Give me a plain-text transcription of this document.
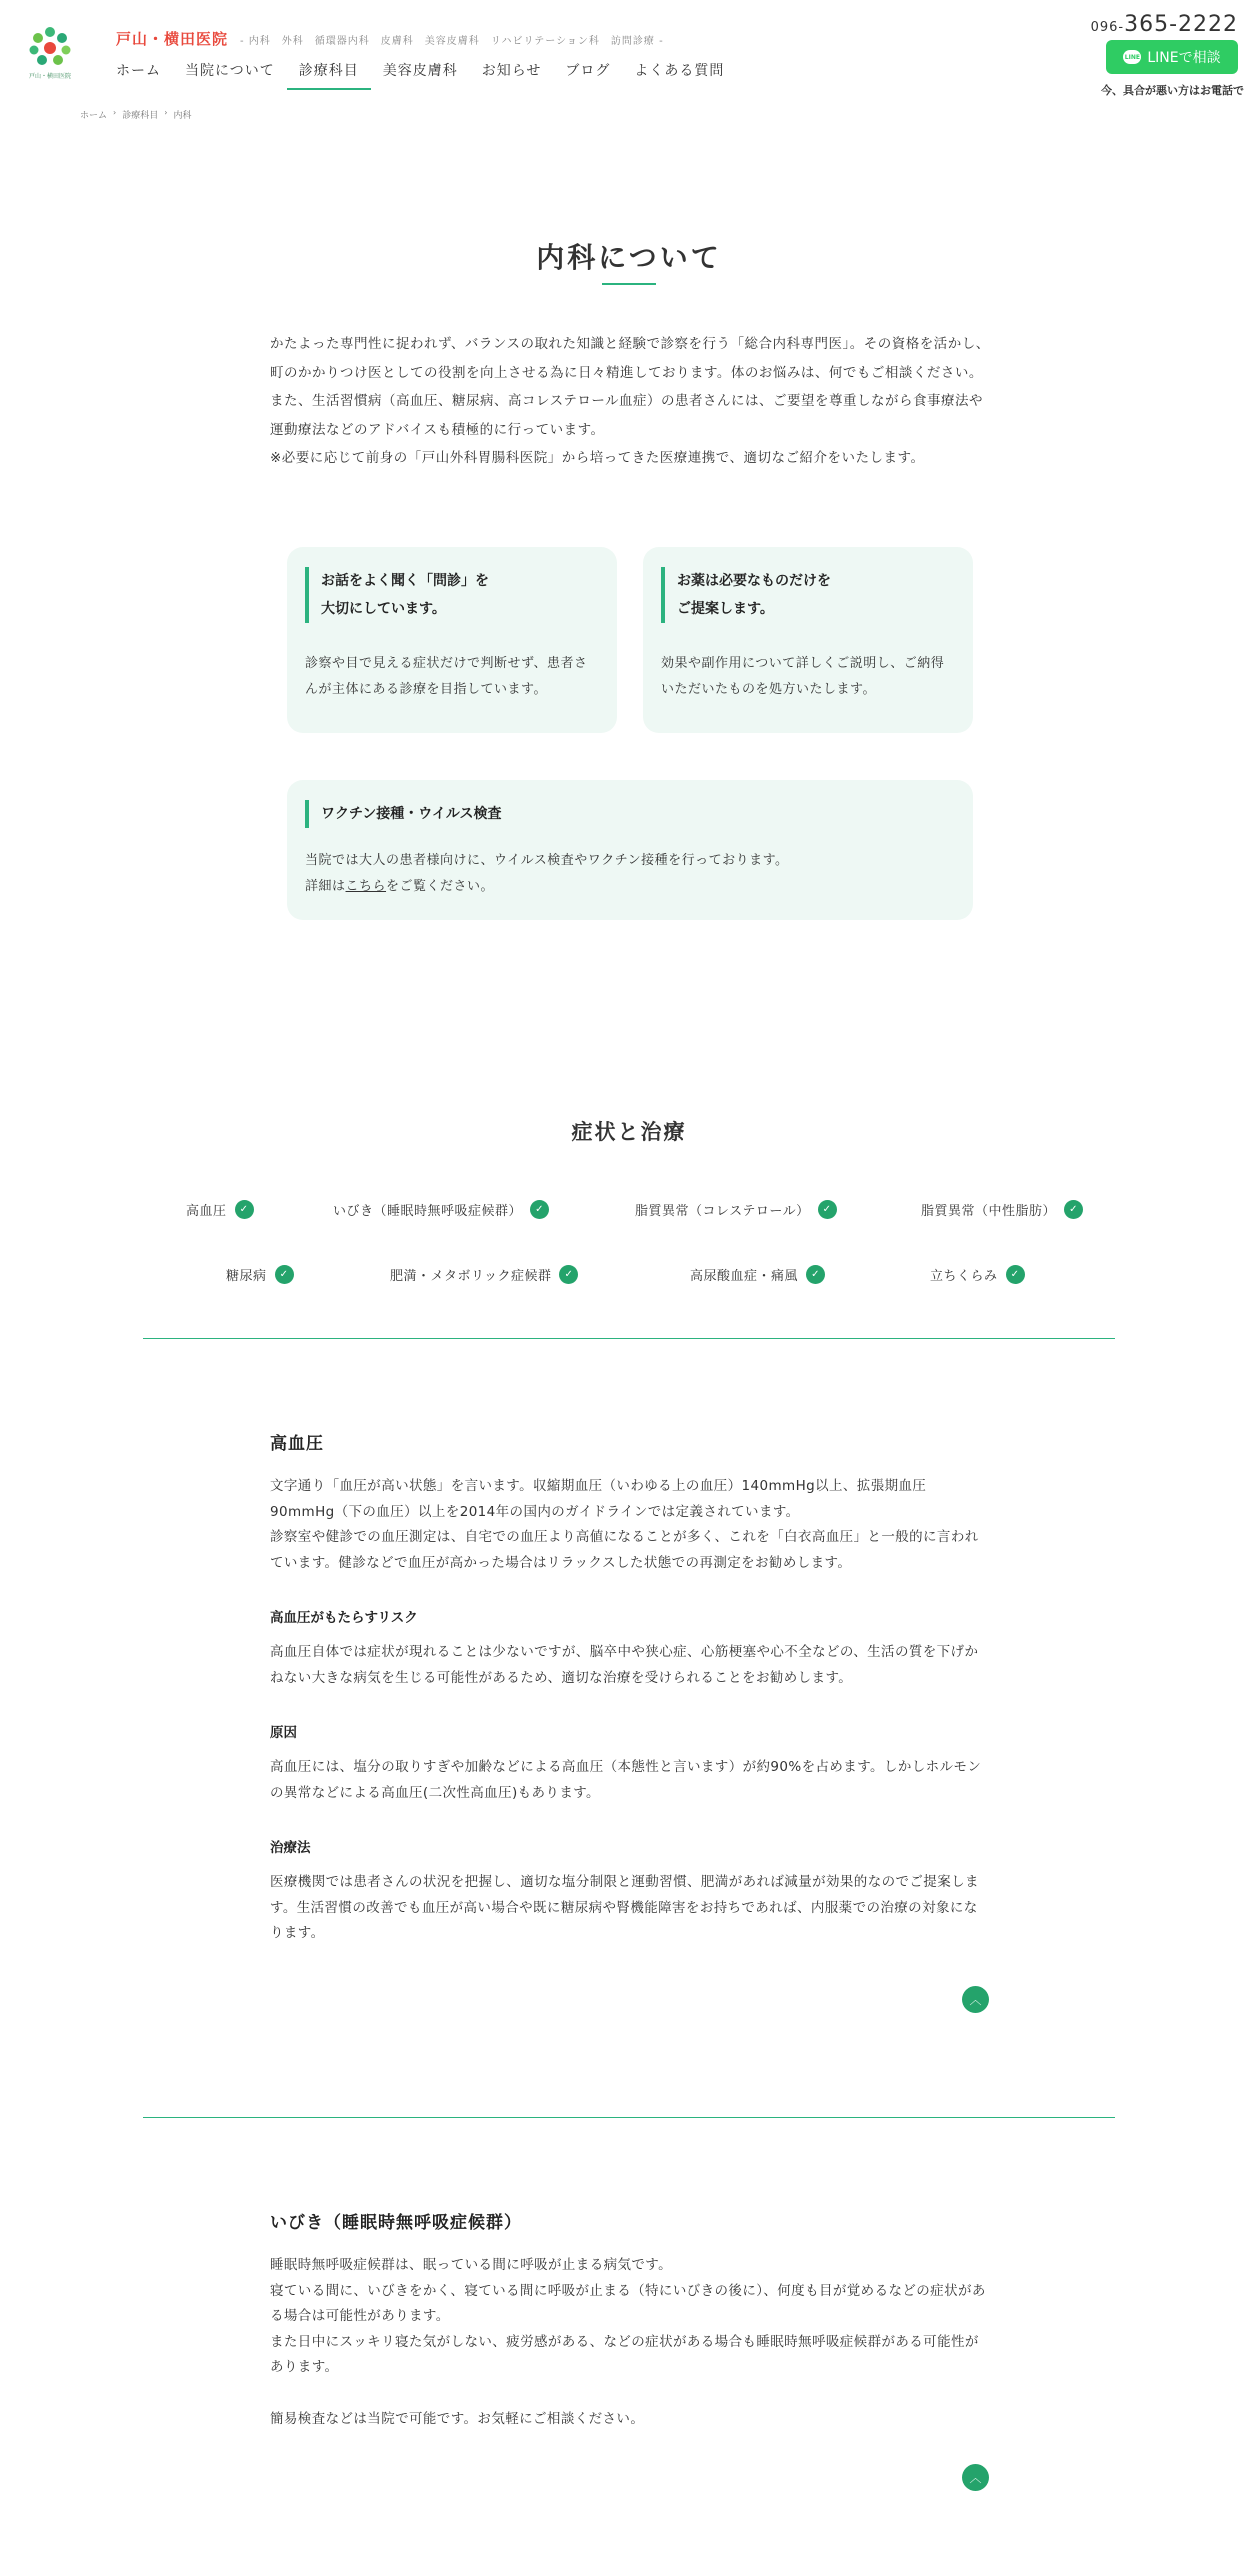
戸山・横田医院
戸山・横田医院 - 内科　外科　循環器内科　皮膚科　美容皮膚科　リハビリテーション科　訪問診療 -
ホーム	当院について	診療科目	美容皮膚科	お知らせ	ブログ	よくある質問
096-365-2222
LINE LINEで相談
今、具合が悪い方はお電話で
ホーム › 診療科目 › 内科
内科について

かたよった専門性に捉われず、バランスの取れた知識と経験で診察を行う「総合内科専門医」。その資格を活かし、町のかかりつけ医としての役割を向上させる為に日々精進しております。体のお悩みは、何でもご相談ください。

また、生活習慣病（高血圧、糖尿病、高コレステロール血症）の患者さんには、ご要望を尊重しながら食事療法や運動療法などのアドバイスも積極的に行っています。

※必要に応じて前身の「戸山外科胃腸科医院」から培ってきた医療連携で、適切なご紹介をいたします。

お話をよく聞く「問診」を
大切にしています。
診察や目で見える症状だけで判断せず、患者さんが主体にある診療を目指しています。
お薬は必要なものだけを
ご提案します。
効果や副作用について詳しくご説明し、ご納得いただいたものを処方いたします。
ワクチン接種・ウイルス検査
当院では大人の患者様向けに、ウイルス検査やワクチン接種を行っております。
詳細はこちらをご覧ください。
症状と治療
高血圧	✓	いびき（睡眠時無呼吸症候群）	✓	脂質異常（コレステロール）	✓	脂質異常（中性脂肪）	✓
糖尿病	✓	肥満・メタボリック症候群	✓	高尿酸血症・痛風	✓	立ちくらみ	✓
高血圧

文字通り「血圧が高い状態」を言います。収縮期血圧（いわゆる上の血圧）140mmHg以上、拡張期血圧90mmHg（下の血圧）以上を2014年の国内のガイドラインでは定義されています。

診察室や健診での血圧測定は、自宅での血圧より高値になることが多く、これを「白衣高血圧」と一般的に言われています。健診などで血圧が高かった場合はリラックスした状態での再測定をお勧めします。

高血圧がもたらすリスク

高血圧自体では症状が現れることは少ないですが、脳卒中や狭心症、心筋梗塞や心不全などの、生活の質を下げかねない大きな病気を生じる可能性があるため、適切な治療を受けられることをお勧めします。

原因

高血圧には、塩分の取りすぎや加齢などによる高血圧（本態性と言います）が約90%を占めます。しかしホルモンの異常などによる高血圧(二次性高血圧)もあります。

治療法

医療機関では患者さんの状況を把握し、適切な塩分制限と運動習慣、肥満があれば減量が効果的なのでご提案します。生活習慣の改善でも血圧が高い場合や既に糖尿病や腎機能障害をお持ちであれば、内服薬での治療の対象になります。

︿
いびき（睡眠時無呼吸症候群）

睡眠時無呼吸症候群は、眠っている間に呼吸が止まる病気です。

寝ている間に、いびきをかく、寝ている間に呼吸が止まる（特にいびきの後に）、何度も目が覚めるなどの症状がある場合は可能性があります。

また日中にスッキリ寝た気がしない、疲労感がある、などの症状がある場合も睡眠時無呼吸症候群がある可能性があります。

簡易検査などは当院で可能です。お気軽にご相談ください。

︿
